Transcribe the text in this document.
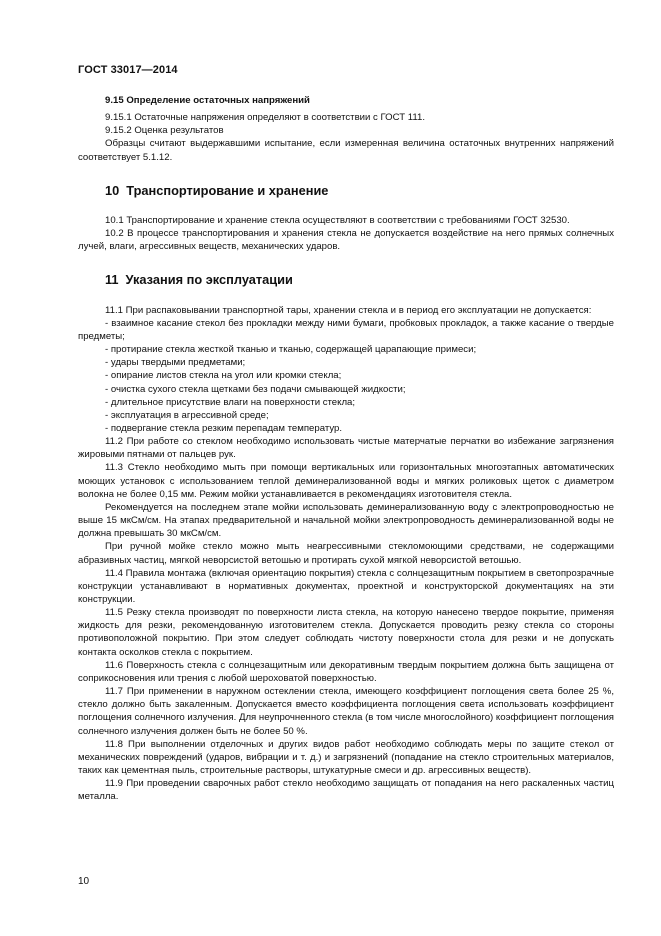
ГОСТ 33017—2014

9.15 Определение остаточных напряжений

9.15.1 Остаточные напряжения определяют в соответствии с ГОСТ 111.

9.15.2 Оценка результатов

Образцы считают выдержавшими испытание, если измеренная величина остаточных внутренних напряжений соответствует 5.1.12.

10 Транспортирование и хранение

10.1 Транспортирование и хранение стекла осуществляют в соответствии с требованиями ГОСТ 32530.

10.2 В процессе транспортирования и хранения стекла не допускается воздействие на него прямых солнечных лучей, влаги, агрессивных веществ, механических ударов.

11 Указания по эксплуатации

11.1 При распаковывании транспортной тары, хранении стекла и в период его эксплуатации не допускается:

- взаимное касание стекол без прокладки между ними бумаги, пробковых прокладок, а также касание о твердые предметы;

- протирание стекла жесткой тканью и тканью, содержащей царапающие примеси;

- удары твердыми предметами;

- опирание листов стекла на угол или кромки стекла;

- очистка сухого стекла щетками без подачи смывающей жидкости;

- длительное присутствие влаги на поверхности стекла;

- эксплуатация в агрессивной среде;

- подвергание стекла резким перепадам температур.

11.2 При работе со стеклом необходимо использовать чистые матерчатые перчатки во избежание загрязнения жировыми пятнами от пальцев рук.

11.3 Стекло необходимо мыть при помощи вертикальных или горизонтальных многоэтапных автоматических моющих установок с использованием теплой деминерализованной воды и мягких роликовых щеток с диаметром волокна не более 0,15 мм. Режим мойки устанавливается в рекомендациях изготовителя стекла.

Рекомендуется на последнем этапе мойки использовать деминерализованную воду с электропроводностью не выше 15 мкСм/см. На этапах предварительной и начальной мойки электропроводность деминерализованной воды не должна превышать 30 мкСм/см.

При ручной мойке стекло можно мыть неагрессивными стекломоющими средствами, не содержащими абразивных частиц, мягкой неворсистой ветошью и протирать сухой мягкой неворсистой ветошью.

11.4 Правила монтажа (включая ориентацию покрытия) стекла с солнцезащитным покрытием в светопрозрачные конструкции устанавливают в нормативных документах, проектной и конструкторской документациях на эти конструкции.

11.5 Резку стекла производят по поверхности листа стекла, на которую нанесено твердое покрытие, применяя жидкость для резки, рекомендованную изготовителем стекла. Допускается проводить резку стекла со стороны противоположной покрытию. При этом следует соблюдать чистоту поверхности стола для резки и не допускать контакта осколков стекла с покрытием.

11.6 Поверхность стекла с солнцезащитным или декоративным твердым покрытием должна быть защищена от соприкосновения или трения с любой шероховатой поверхностью.

11.7 При применении в наружном остеклении стекла, имеющего коэффициент поглощения света более 25 %, стекло должно быть закаленным. Допускается вместо коэффициента поглощения света использовать коэффициент поглощения солнечного излучения. Для неупрочненного стекла (в том числе многослойного) коэффициент поглощения солнечного излучения должен быть не более 50 %.

11.8 При выполнении отделочных и других видов работ необходимо соблюдать меры по защите стекол от механических повреждений (ударов, вибрации и т. д.) и загрязнений (попадание на стекло строительных материалов, таких как цементная пыль, строительные растворы, штукатурные смеси и др. агрессивных веществ).

11.9 При проведении сварочных работ стекло необходимо защищать от попадания на него раскаленных частиц металла.

10
